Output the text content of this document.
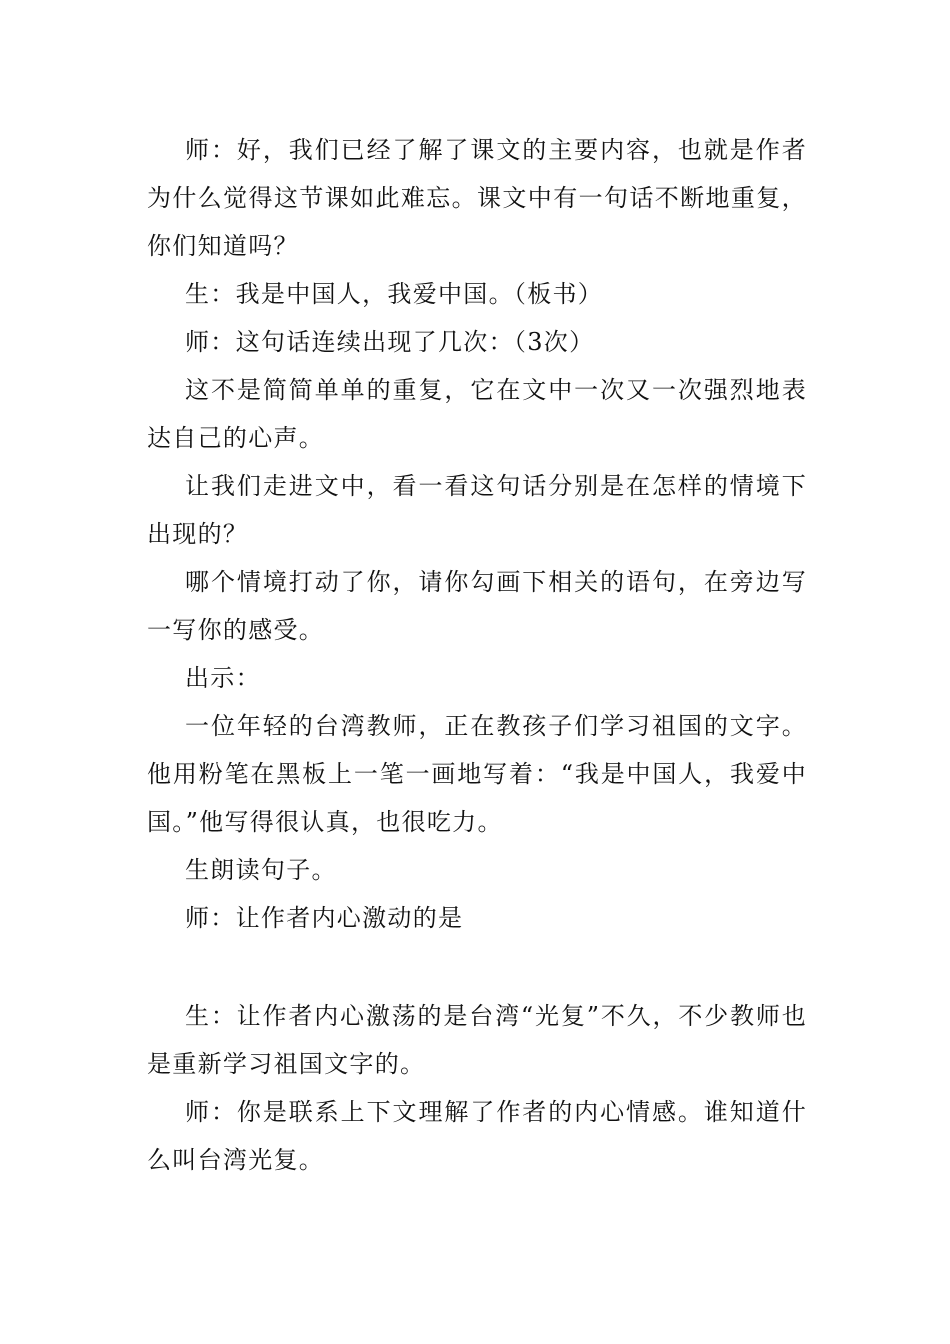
师：好，我们已经了解了课文的主要内容，也就是作者为什么觉得这节课如此难忘。课文中有一句话不断地重复，你们知道吗？

生：我是中国人，我爱中国。（板书）

师：这句话连续出现了几次：（3次）

这不是简简单单的重复，它在文中一次又一次强烈地表达自己的心声。

让我们走进文中，看一看这句话分别是在怎样的情境下出现的？

哪个情境打动了你，请你勾画下相关的语句，在旁边写一写你的感受。

出示：

一位年轻的台湾教师，正在教孩子们学习祖国的文字。他用粉笔在黑板上一笔一画地写着：“我是中国人，我爱中国。”他写得很认真，也很吃力。

生朗读句子。

师：让作者内心激动的是

生：让作者内心激荡的是台湾“光复”不久，不少教师也是重新学习祖国文字的。

师：你是联系上下文理解了作者的内心情感。谁知道什么叫台湾光复。
